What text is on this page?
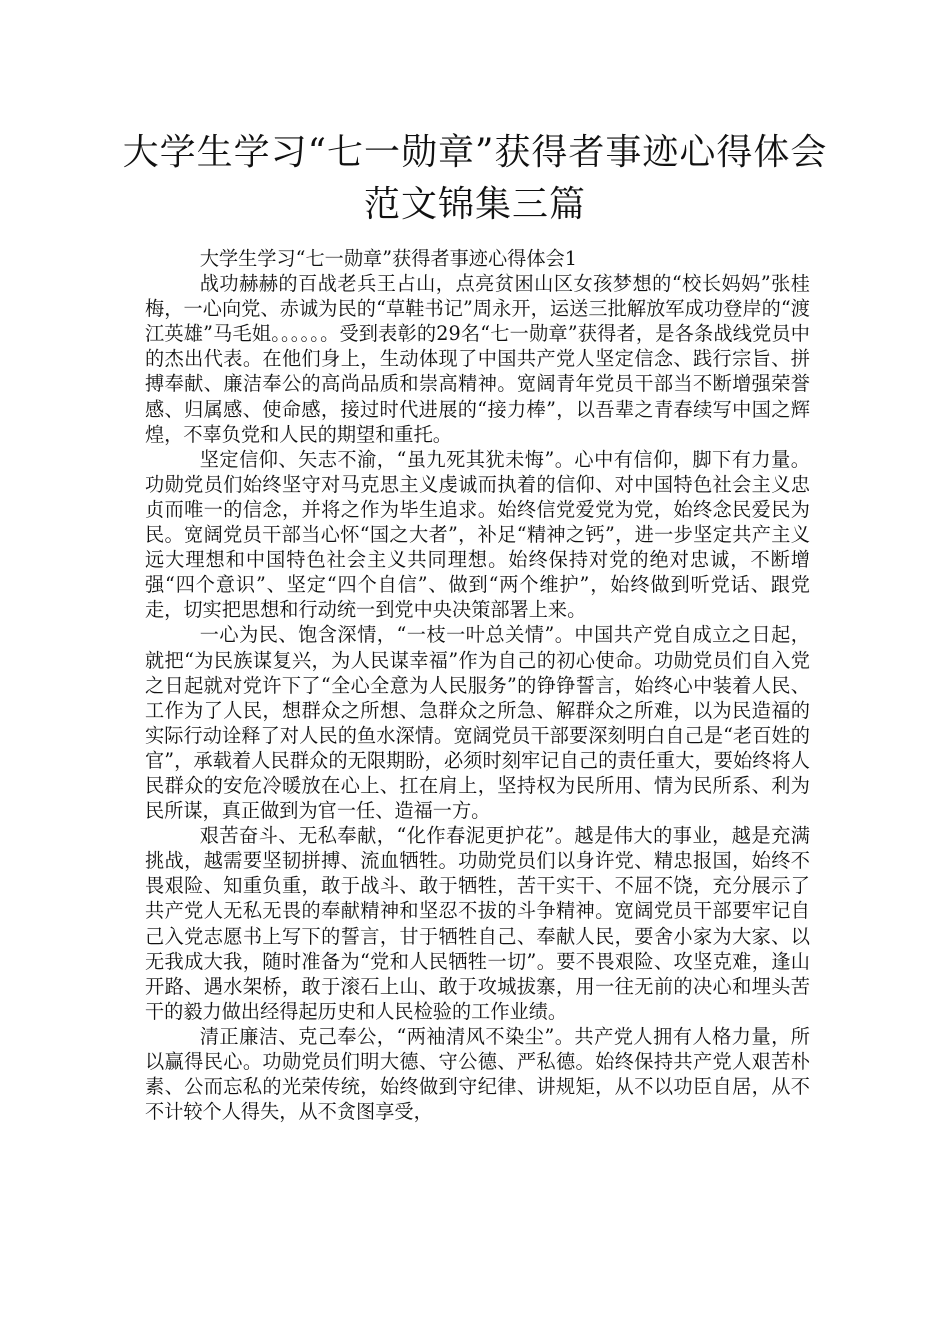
大学生学习“七一勋章”获得者事迹心得体会范文锦集三篇

大学生学习“七一勋章”获得者事迹心得体会1

战功赫赫的百战老兵王占山，点亮贫困山区女孩梦想的“校长妈妈”张桂梅，一心向党、赤诚为民的“草鞋书记”周永开，运送三批解放军成功登岸的“渡江英雄”马毛姐。。。。。。受到表彰的29名“七一勋章”获得者，是各条战线党员中的杰出代表。在他们身上，生动体现了中国共产党人坚定信念、践行宗旨、拼搏奉献、廉洁奉公的高尚品质和崇高精神。宽阔青年党员干部当不断增强荣誉感、归属感、使命感，接过时代进展的“接力棒”，以吾辈之青春续写中国之辉煌，不辜负党和人民的期望和重托。

坚定信仰、矢志不渝，“虽九死其犹未悔”。心中有信仰，脚下有力量。功勋党员们始终坚守对马克思主义虔诚而执着的信仰、对中国特色社会主义忠贞而唯一的信念，并将之作为毕生追求。始终信党爱党为党，始终念民爱民为民。宽阔党员干部当心怀“国之大者”，补足“精神之钙”，进一步坚定共产主义远大理想和中国特色社会主义共同理想。始终保持对党的绝对忠诚，不断增强“四个意识”、坚定“四个自信”、做到“两个维护”，始终做到听党话、跟党走，切实把思想和行动统一到党中央决策部署上来。

一心为民、饱含深情，“一枝一叶总关情”。中国共产党自成立之日起，就把“为民族谋复兴，为人民谋幸福”作为自己的初心使命。功勋党员们自入党之日起就对党许下了“全心全意为人民服务”的铮铮誓言，始终心中装着人民、工作为了人民，想群众之所想、急群众之所急、解群众之所难，以为民造福的实际行动诠释了对人民的鱼水深情。宽阔党员干部要深刻明白自己是“老百姓的官”，承载着人民群众的无限期盼，必须时刻牢记自己的责任重大，要始终将人民群众的安危冷暖放在心上、扛在肩上，坚持权为民所用、情为民所系、利为民所谋，真正做到为官一任、造福一方。

艰苦奋斗、无私奉献，“化作春泥更护花”。越是伟大的事业，越是充满挑战，越需要坚韧拼搏、流血牺牲。功勋党员们以身许党、精忠报国，始终不畏艰险、知重负重，敢于战斗、敢于牺牲，苦干实干、不屈不饶，充分展示了共产党人无私无畏的奉献精神和坚忍不拔的斗争精神。宽阔党员干部要牢记自己入党志愿书上写下的誓言，甘于牺牲自己、奉献人民，要舍小家为大家、以无我成大我，随时准备为“党和人民牺牲一切”。要不畏艰险、攻坚克难，逢山开路、遇水架桥，敢于滚石上山、敢于攻城拔寨，用一往无前的决心和埋头苦干的毅力做出经得起历史和人民检验的工作业绩。

清正廉洁、克己奉公，“两袖清风不染尘”。共产党人拥有人格力量，所以赢得民心。功勋党员们明大德、守公德、严私德。始终保持共产党人艰苦朴素、公而忘私的光荣传统，始终做到守纪律、讲规矩，从不以功臣自居，从不不计较个人得失，从不贪图享受，
